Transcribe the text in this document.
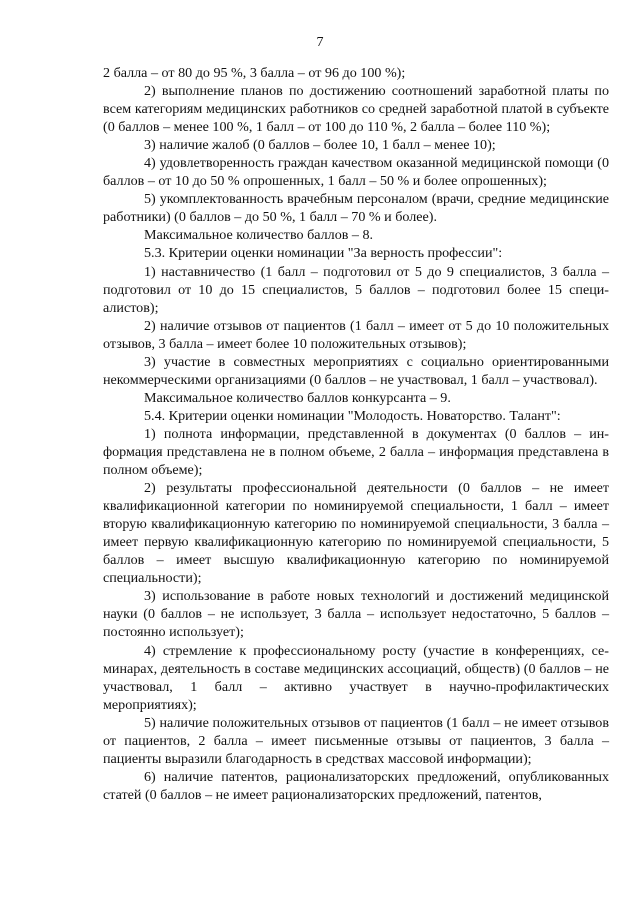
7

2 балла – от 80 до 95 %, 3 балла – от 96 до 100 %);

2) выполнение планов по достижению соотношений заработной платы по всем категориям медицинских работников со средней заработной платой в субъекте (0 баллов – менее 100 %, 1 балл – от 100 до 110 %, 2 балла – более 110 %);

3) наличие жалоб (0 баллов – более 10, 1 балл – менее 10);

4) удовлетворенность граждан качеством оказанной медицинской помощи (0 баллов – от 10 до 50 % опрошенных, 1 балл – 50 % и более опрошенных);

5) укомплектованность врачебным персоналом (врачи, средние медицинские работники) (0 баллов – до 50 %, 1 балл – 70 % и более).

Максимальное количество баллов – 8.

5.3. Критерии оценки номинации "За верность профессии":

1) наставничество (1 балл – подготовил от 5 до 9 специалистов, 3 балла – подготовил от 10 до 15 специалистов, 5 баллов – подготовил более 15 специалистов);

2) наличие отзывов от пациентов (1 балл – имеет от 5 до 10 положительных отзывов, 3 балла – имеет более 10 положительных отзывов);

3) участие в совместных мероприятиях с социально ориентированными некоммерческими организациями (0 баллов – не участвовал, 1 балл – участвовал).

Максимальное количество баллов конкурсанта – 9.

5.4. Критерии оценки номинации "Молодость. Новаторство. Талант":

1) полнота информации, представленной в документах (0 баллов – информация представлена не в полном объеме, 2 балла – информация представлена в полном объеме);

2) результаты профессиональной деятельности (0 баллов – не имеет квалификационной категории по номинируемой специальности, 1 балл – имеет вторую квалификационную категорию по номинируемой специальности, 3 балла – имеет первую квалификационную категорию по номинируемой специальности, 5 баллов – имеет высшую квалификационную категорию по номинируемой специальности);

3) использование в работе новых технологий и достижений медицинской науки (0 баллов – не использует, 3 балла – использует недостаточно, 5 баллов – постоянно использует);

4) стремление к профессиональному росту (участие в конференциях, семинарах, деятельность в составе медицинских ассоциаций, обществ) (0 баллов – не участвовал, 1 балл – активно участвует в научно-профилактических мероприятиях);

5) наличие положительных отзывов от пациентов (1 балл – не имеет отзывов от пациентов, 2 балла – имеет письменные отзывы от пациентов, 3 балла – пациенты выразили благодарность в средствах массовой информации);

6) наличие патентов, рационализаторских предложений, опубликованных статей (0 баллов – не имеет рационализаторских предложений, патентов,
